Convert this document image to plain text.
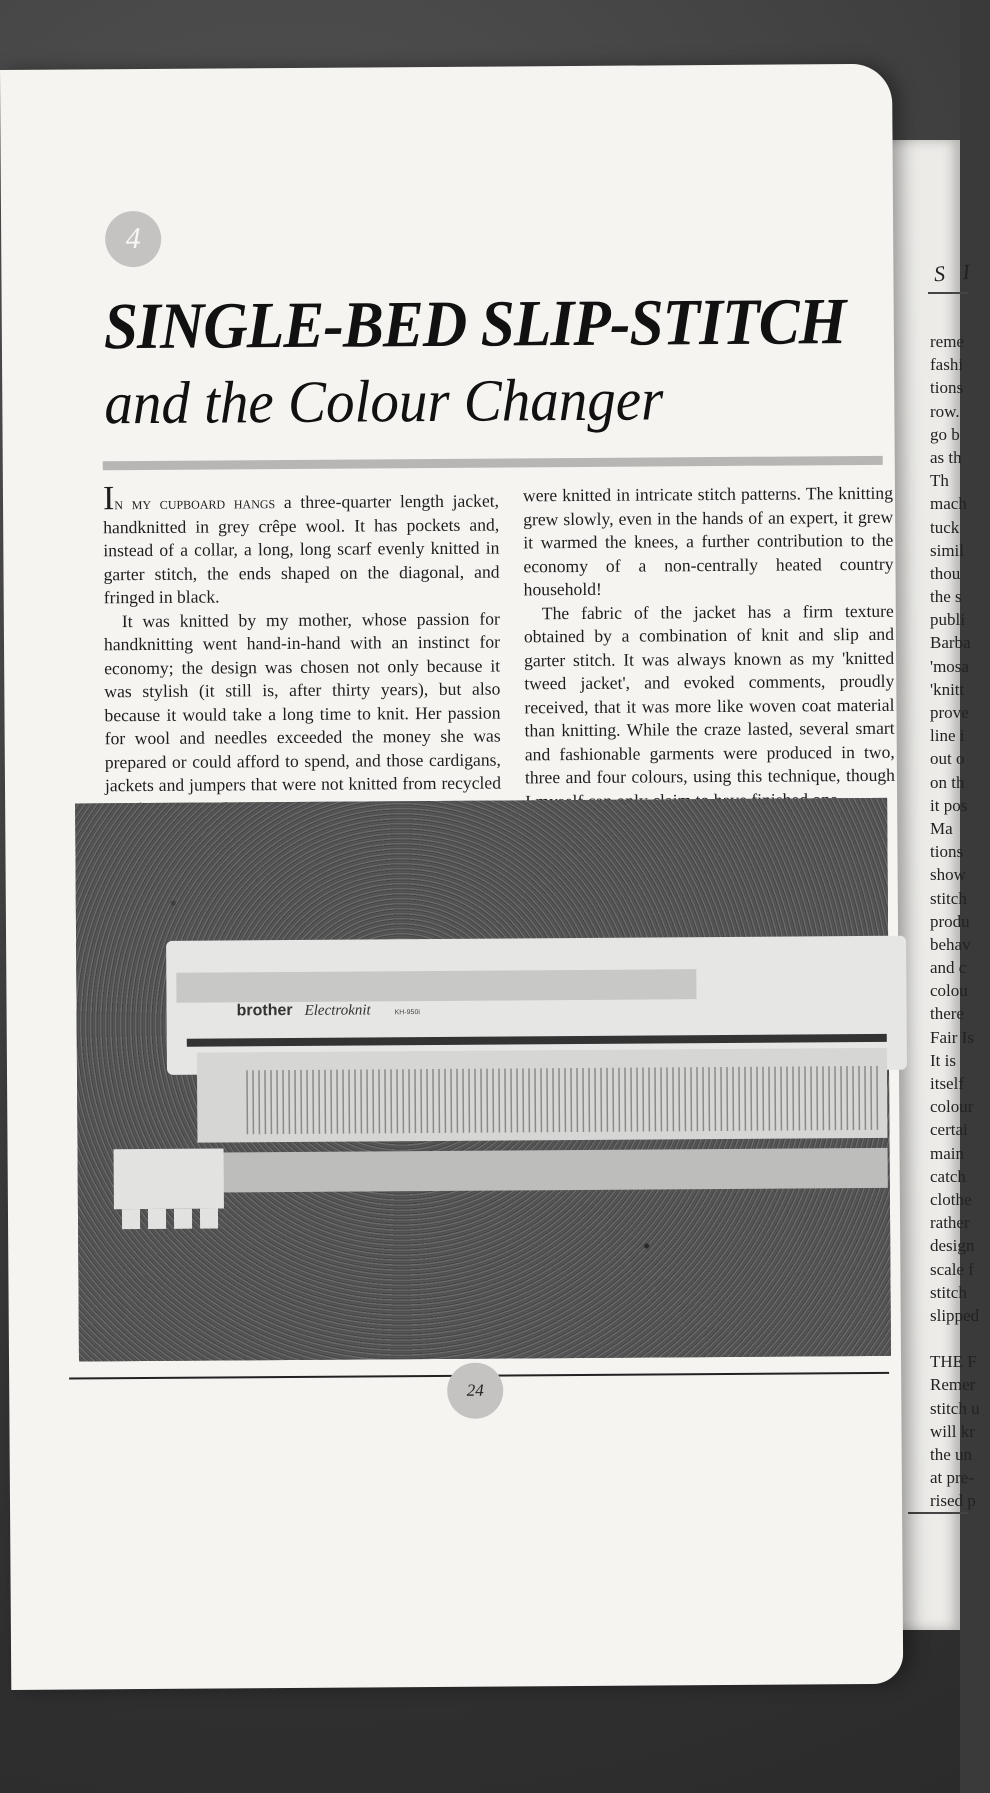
S I
reme
fashi
tions
row.
go b
as th
Th
mach
tuck
simil
thou
the s
publi
Barba
'mosa
'knitt
prove
line i
out o
on th
it pos
Ma
tions
show
stitch
produ
behav
and c
colou
there
Fair Is
It is
itself
colour
certai
main
catch
clothe
rather
design
scale f
stitch
slipped
THE F
Remer
stitch u
will kr
the un
at pre-
rised p
4
SINGLE-BED SLIP-STITCH
and the Colour Changer

In my cupboard hangs a three-quarter length jacket, handknitted in grey crêpe wool. It has pockets and, instead of a collar, a long, long scarf evenly knitted in garter stitch, the ends shaped on the diagonal, and fringed in black.

It was knitted by my mother, whose passion for handknitting went hand-in-hand with an instinct for economy; the design was chosen not only because it was stylish (it still is, after thirty years), but also because it would take a long time to knit. Her passion for wool and needles exceeded the money she was prepared or could afford to spend, and those cardigans, jackets and jumpers that were not knitted from recycled

were knitted in intricate stitch patterns. The knitting grew slowly, even in the hands of an expert, it grew it warmed the knees, a further contribution to the economy of a non-centrally heated country household!

The fabric of the jacket has a firm texture obtained by a combination of knit and slip and garter stitch. It was always known as my 'knitted tweed jacket', and evoked comments, proudly received, that it was more like woven coat material than knitting. While the craze lasted, several smart and fashionable garments were produced in two, three and four colours, using this technique, though

brother Electroknit	KH-950i
24
